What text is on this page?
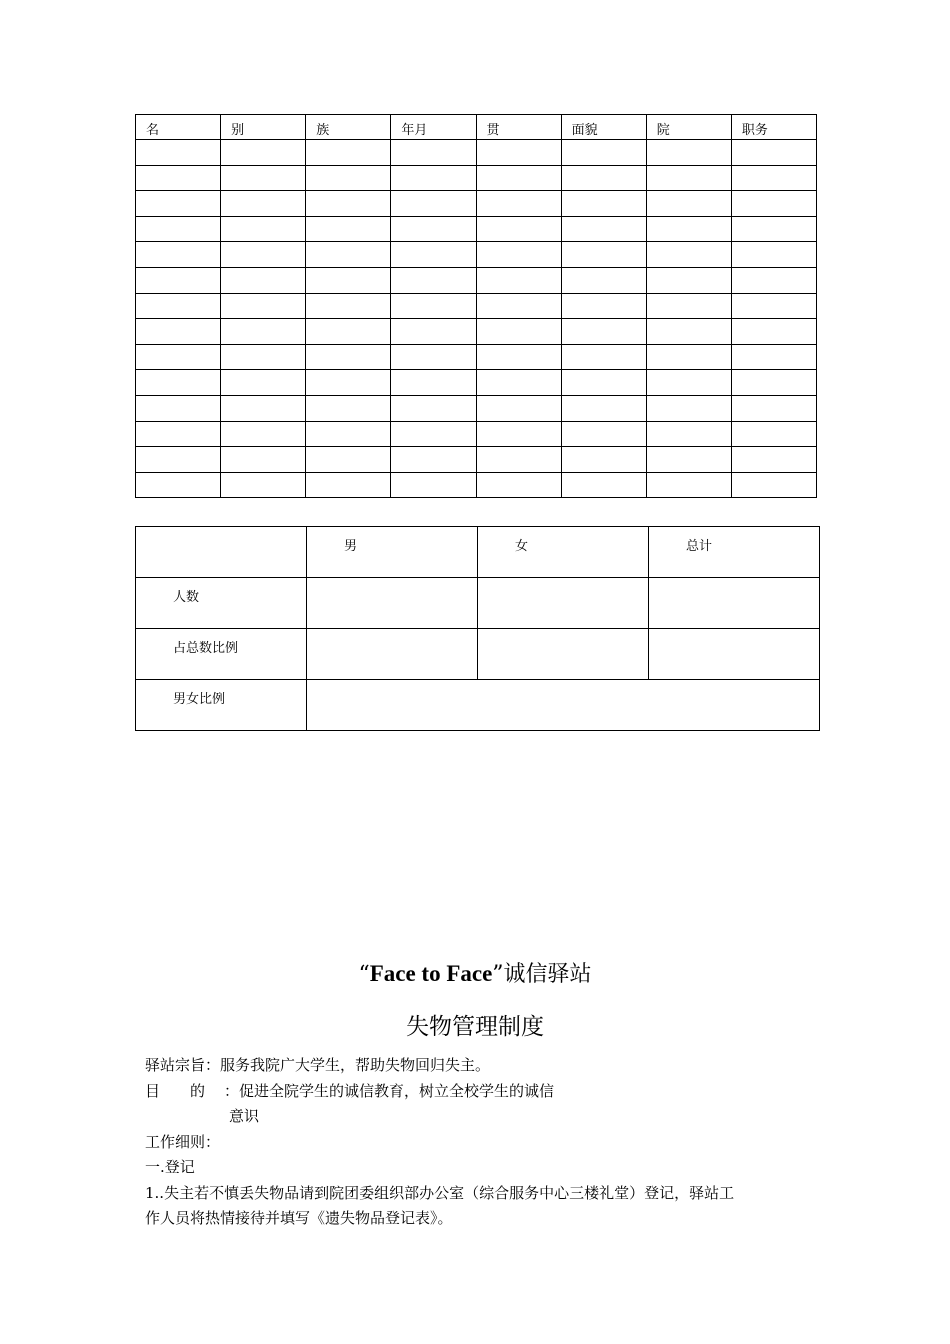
名	别	族	年月	贯	面貌	院	职务

	男	女	总计

人数			

占总数比例			

男女比例			

“Face to Face”诚信驿站
失物管理制度
驿站宗旨：服务我院广大学生，帮助失物回归失主。
目　　的 ：促进全院学生的诚信教育，树立全校学生的诚信
意识
工作细则：
一.登记
1..失主若不慎丢失物品请到院团委组织部办公室（综合服务中心三楼礼堂）登记，驿站工
作人员将热情接待并填写《遗失物品登记表》。
